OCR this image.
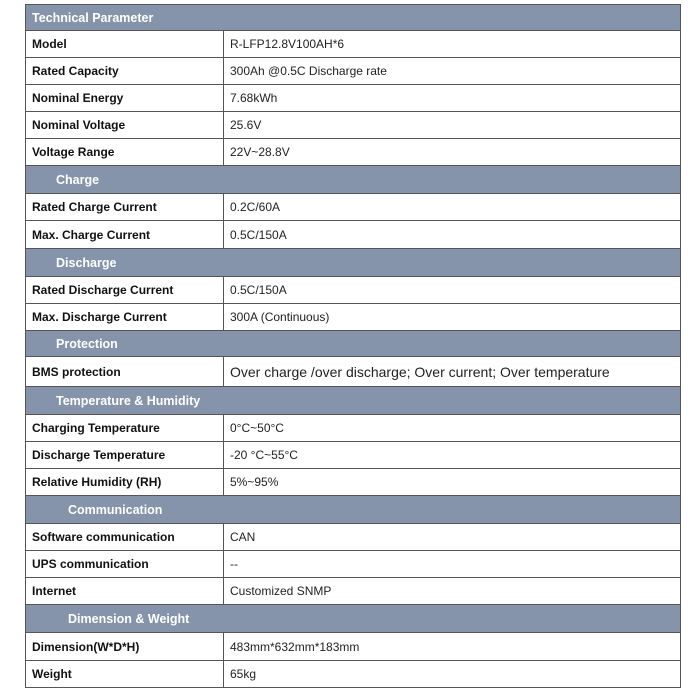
Technical Parameter	
Model	R-LFP12.8V100AH*6
Rated Capacity	300Ah @0.5C Discharge rate
Nominal Energy	7.68kWh
Nominal Voltage	25.6V
Voltage Range	22V~28.8V
Charge	
Rated Charge Current	0.2C/60A
Max. Charge Current	0.5C/150A
Discharge	
Rated Discharge Current	0.5C/150A
Max. Discharge Current	300A (Continuous)
Protection	
BMS protection	Over charge /over discharge; Over current; Over temperature
Temperature & Humidity	
Charging Temperature	0°C~50°C
Discharge Temperature	-20 °C~55°C
Relative Humidity (RH)	5%~95%
Communication	
Software communication	CAN
UPS communication	--
Internet	Customized SNMP
Dimension & Weight	
Dimension(W*D*H)	483mm*632mm*183mm
Weight	65kg
